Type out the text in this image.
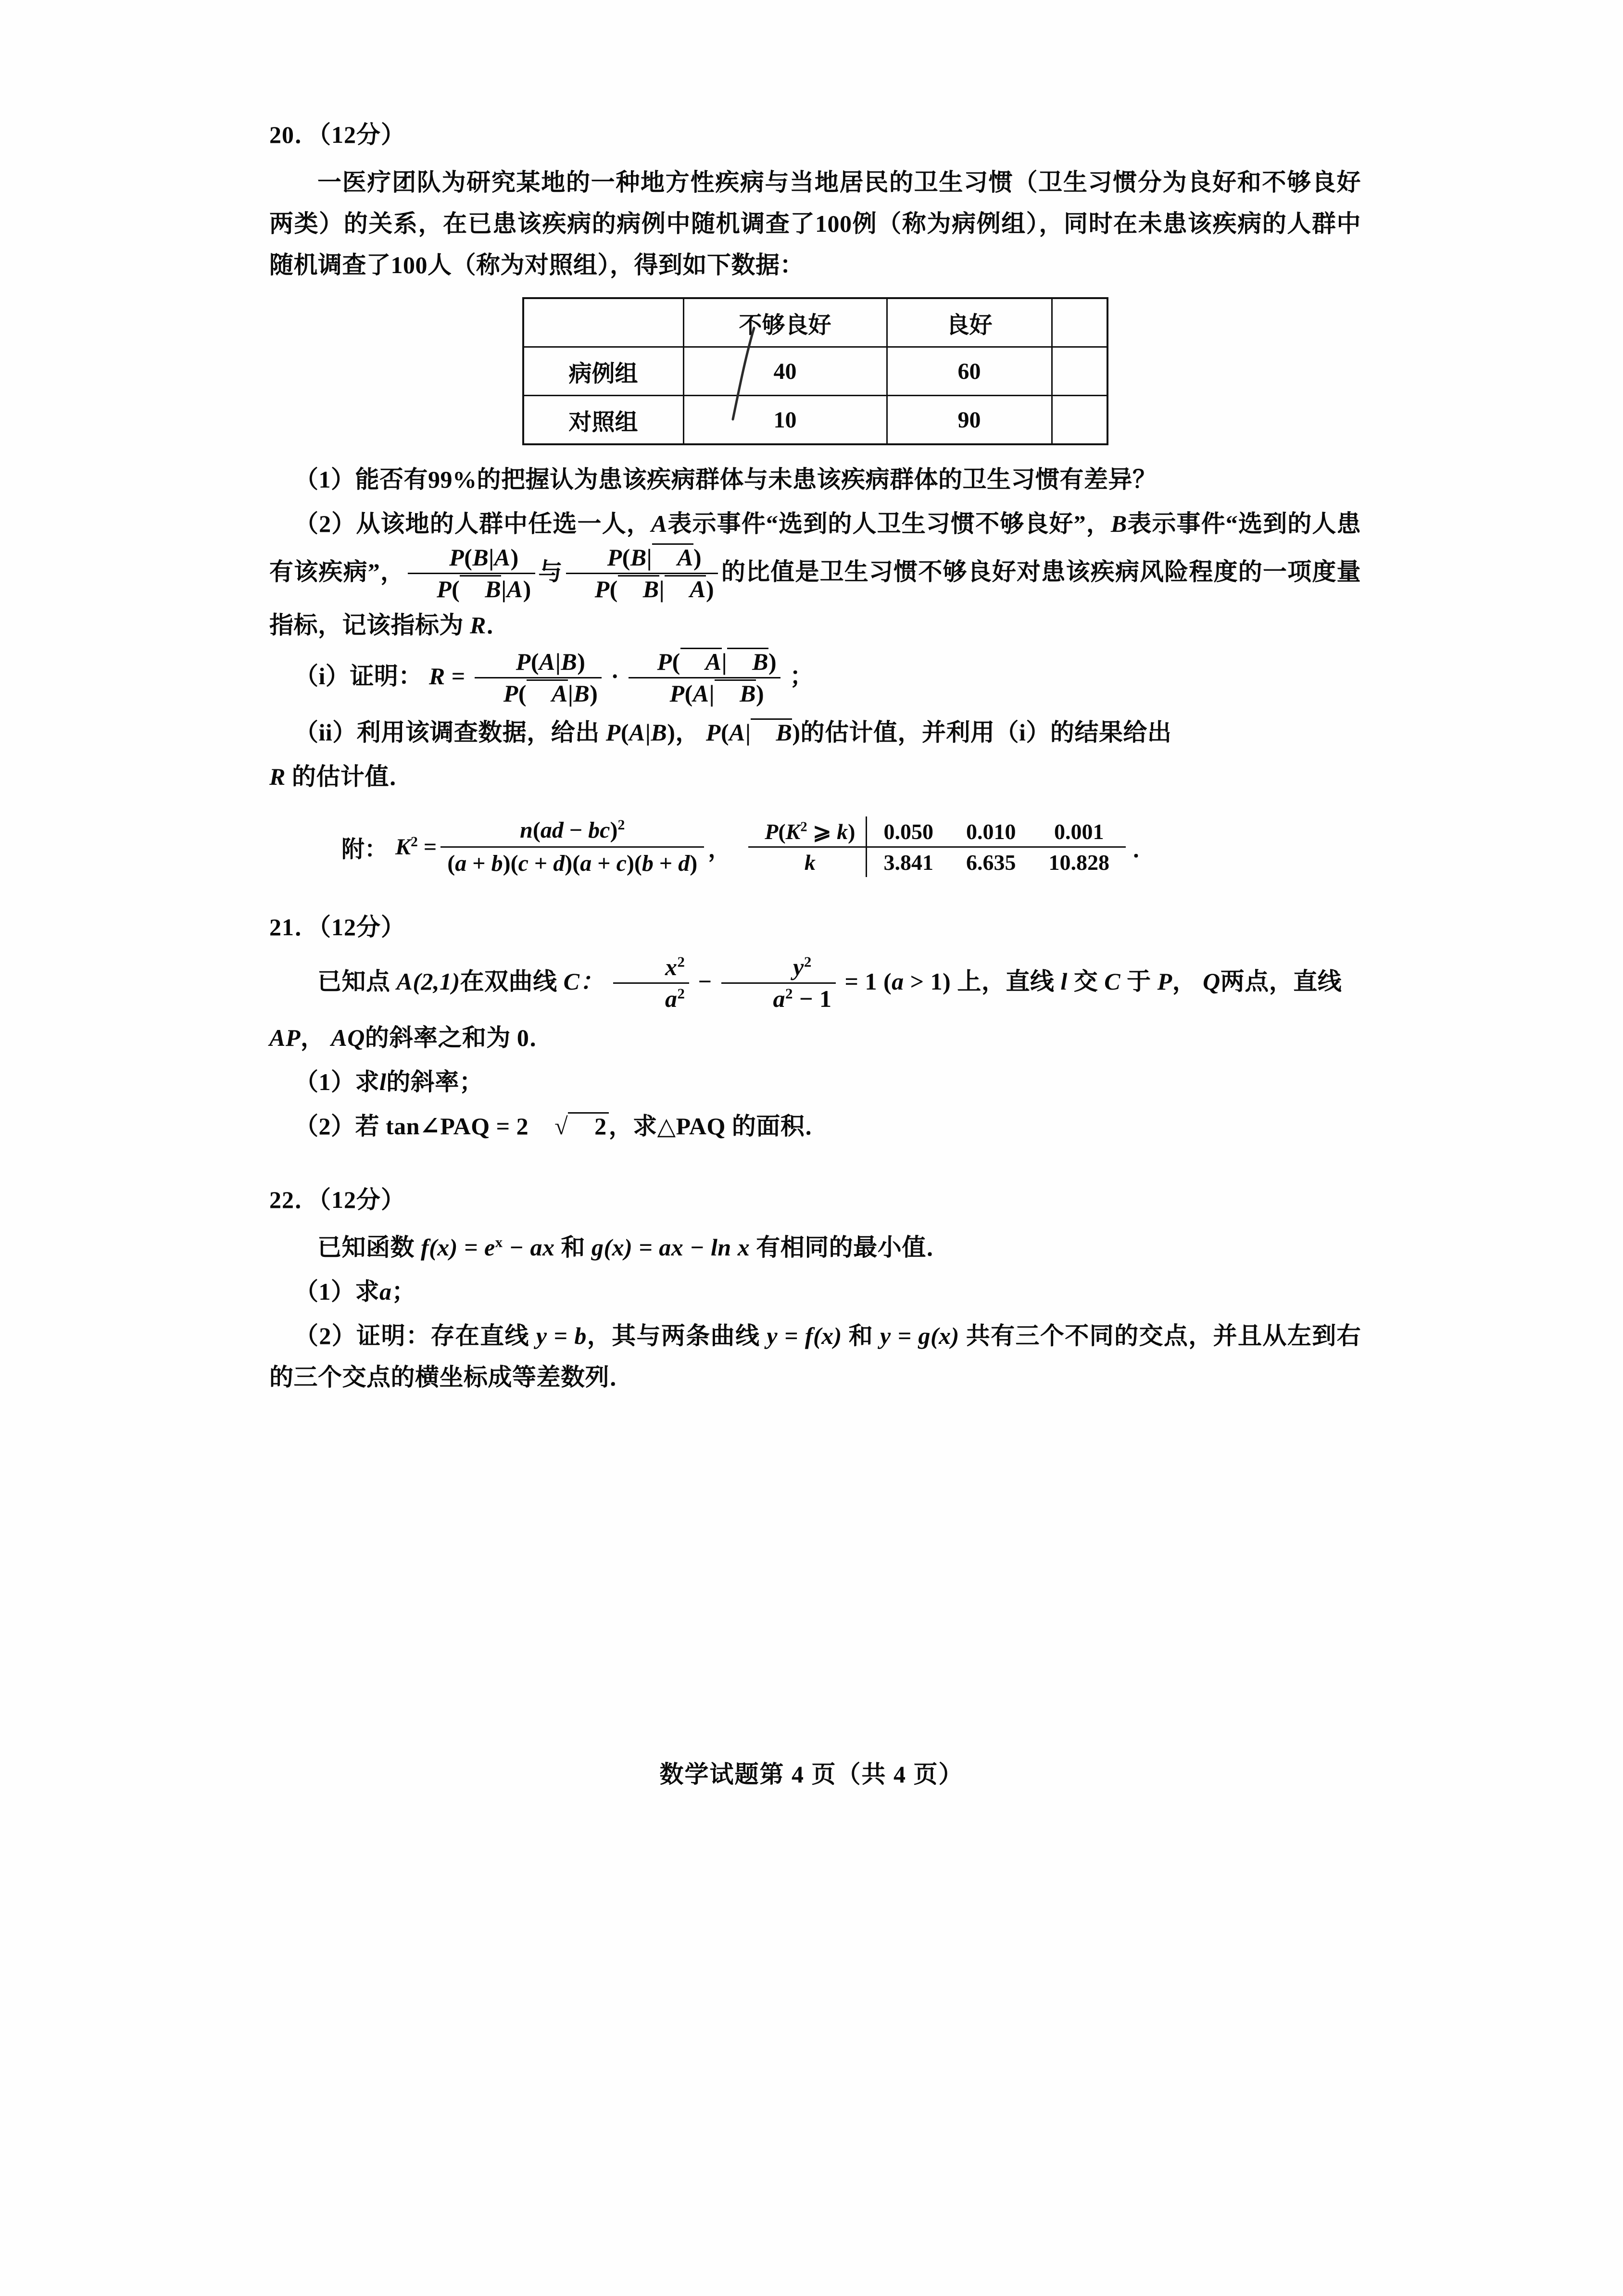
20．（12分）

一医疗团队为研究某地的一种地方性疾病与当地居民的卫生习惯（卫生习惯分为良好和不够良好两类）的关系，在已患该疾病的病例中随机调查了100例（称为病例组），同时在未患该疾病的人群中随机调查了100人（称为对照组），得到如下数据：

	不够良好	良好	
病例组	40	60	
对照组	10	90	

（1）能否有99%的把握认为患该疾病群体与未患该疾病群体的卫生习惯有差异？

（2）从该地的人群中任选一人，A表示事件“选到的人卫生习惯不够良好”，B表示事件“选到的人患有该疾病”， $\frac{P(B|A)}{P( B|A)}$ 与 $\frac{P(B| A)}{P( B| A)}$ 的比值是卫生习惯不够良好对患该疾病风险程度的一项度量指标，记该指标为 R．

（i）证明： $R = \frac{P(A|B)}{P( A|B)} \cdot \frac{P( A| B)}{P(A| B)}$ ；

（ii）利用该调查数据，给出 P(A|B)， P(A| B)的估计值，并利用（i）的结果给出

R 的估计值．

附： $K^2 = \frac{n(ad - bc)^2}{(a + b)(c + d)(a + c)(b + d)}$ ，
$P(K^2$ ⩾ k)	0.050	0.010	0.001
k	3.841	6.635	10.828
．
21．（12分）

已知点 A(2,1)在双曲线 C： $\frac{x^2}{a^2} - \frac{y^2}{a^2 - 1} = 1$ (a > 1) 上，直线 l 交 C 于 P， Q两点，直线

AP， AQ的斜率之和为 0．

（1）求l的斜率；

（2）若 tan∠PAQ = 2 √ 2，求△PAQ 的面积．

22．（12分）

已知函数 $f(x) = e^x$ − ax 和 g(x) = ax − ln x 有相同的最小值．

（1）求a；

（2）证明：存在直线 y = b，其与两条曲线 y = f(x) 和 y = g(x) 共有三个不同的交点，并且从左到右的三个交点的横坐标成等差数列．

数学试题第 4 页（共 4 页）
